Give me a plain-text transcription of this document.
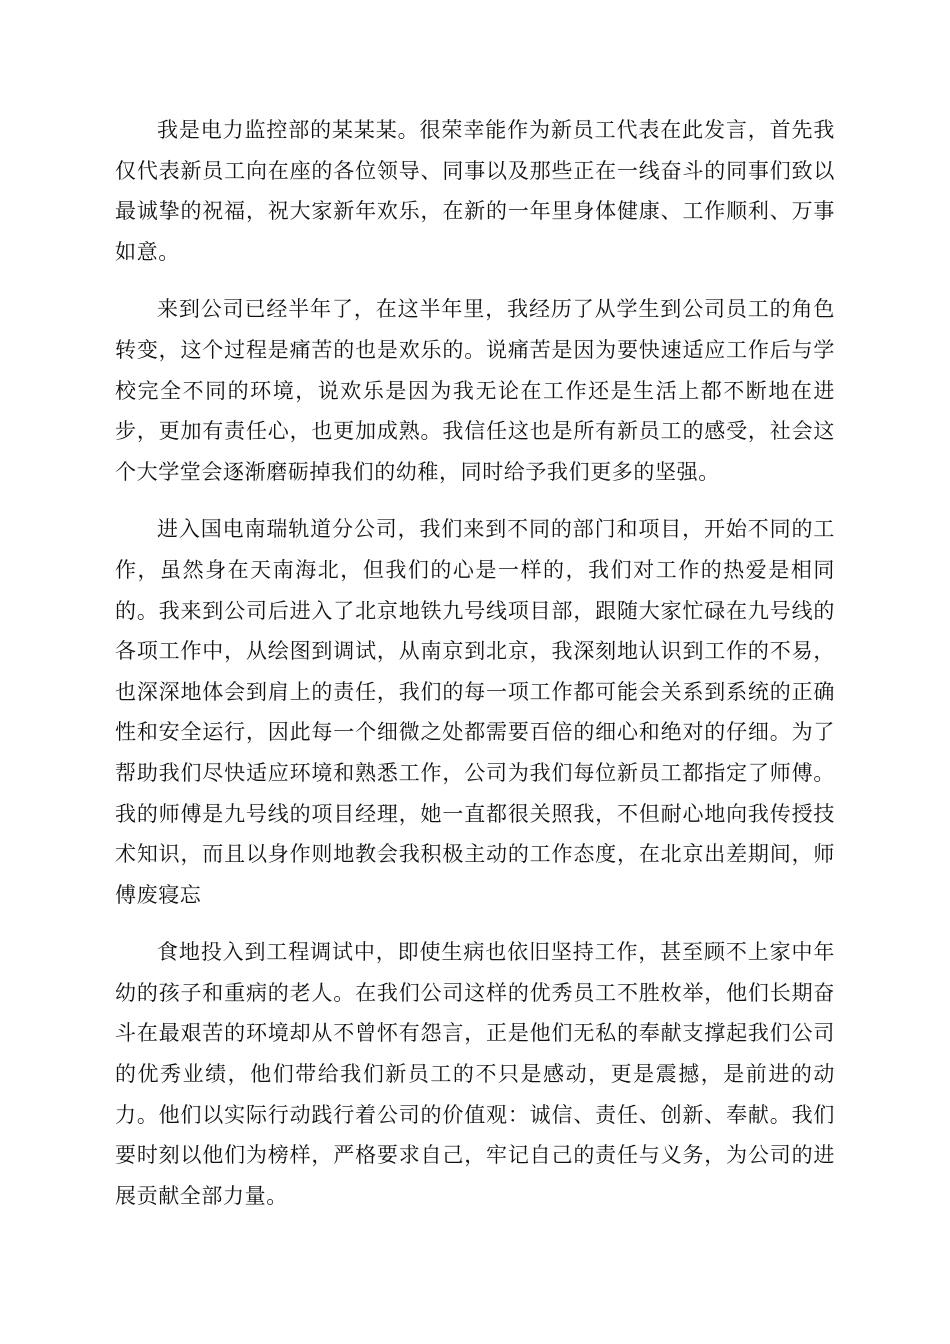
我是电力监控部的某某某。很荣幸能作为新员工代表在此发言，首先我仅代表新员工向在座的各位领导、同事以及那些正在一线奋斗的同事们致以最诚挚的祝福，祝大家新年欢乐，在新的一年里身体健康、工作顺利、万事如意。

来到公司已经半年了，在这半年里，我经历了从学生到公司员工的角色转变，这个过程是痛苦的也是欢乐的。说痛苦是因为要快速适应工作后与学校完全不同的环境，说欢乐是因为我无论在工作还是生活上都不断地在进步，更加有责任心，也更加成熟。我信任这也是所有新员工的感受，社会这个大学堂会逐渐磨砺掉我们的幼稚，同时给予我们更多的坚强。

进入国电南瑞轨道分公司，我们来到不同的部门和项目，开始不同的工作，虽然身在天南海北，但我们的心是一样的，我们对工作的热爱是相同的。我来到公司后进入了北京地铁九号线项目部，跟随大家忙碌在九号线的各项工作中，从绘图到调试，从南京到北京，我深刻地认识到工作的不易，也深深地体会到肩上的责任，我们的每一项工作都可能会关系到系统的正确性和安全运行，因此每一个细微之处都需要百倍的细心和绝对的仔细。为了帮助我们尽快适应环境和熟悉工作，公司为我们每位新员工都指定了师傅。我的师傅是九号线的项目经理，她一直都很关照我，不但耐心地向我传授技术知识，而且以身作则地教会我积极主动的工作态度，在北京出差期间，师傅废寝忘

食地投入到工程调试中，即使生病也依旧坚持工作，甚至顾不上家中年幼的孩子和重病的老人。在我们公司这样的优秀员工不胜枚举，他们长期奋斗在最艰苦的环境却从不曾怀有怨言，正是他们无私的奉献支撑起我们公司的优秀业绩，他们带给我们新员工的不只是感动，更是震撼，是前进的动力。他们以实际行动践行着公司的价值观：诚信、责任、创新、奉献。我们要时刻以他们为榜样，严格要求自己，牢记自己的责任与义务，为公司的进展贡献全部力量。
